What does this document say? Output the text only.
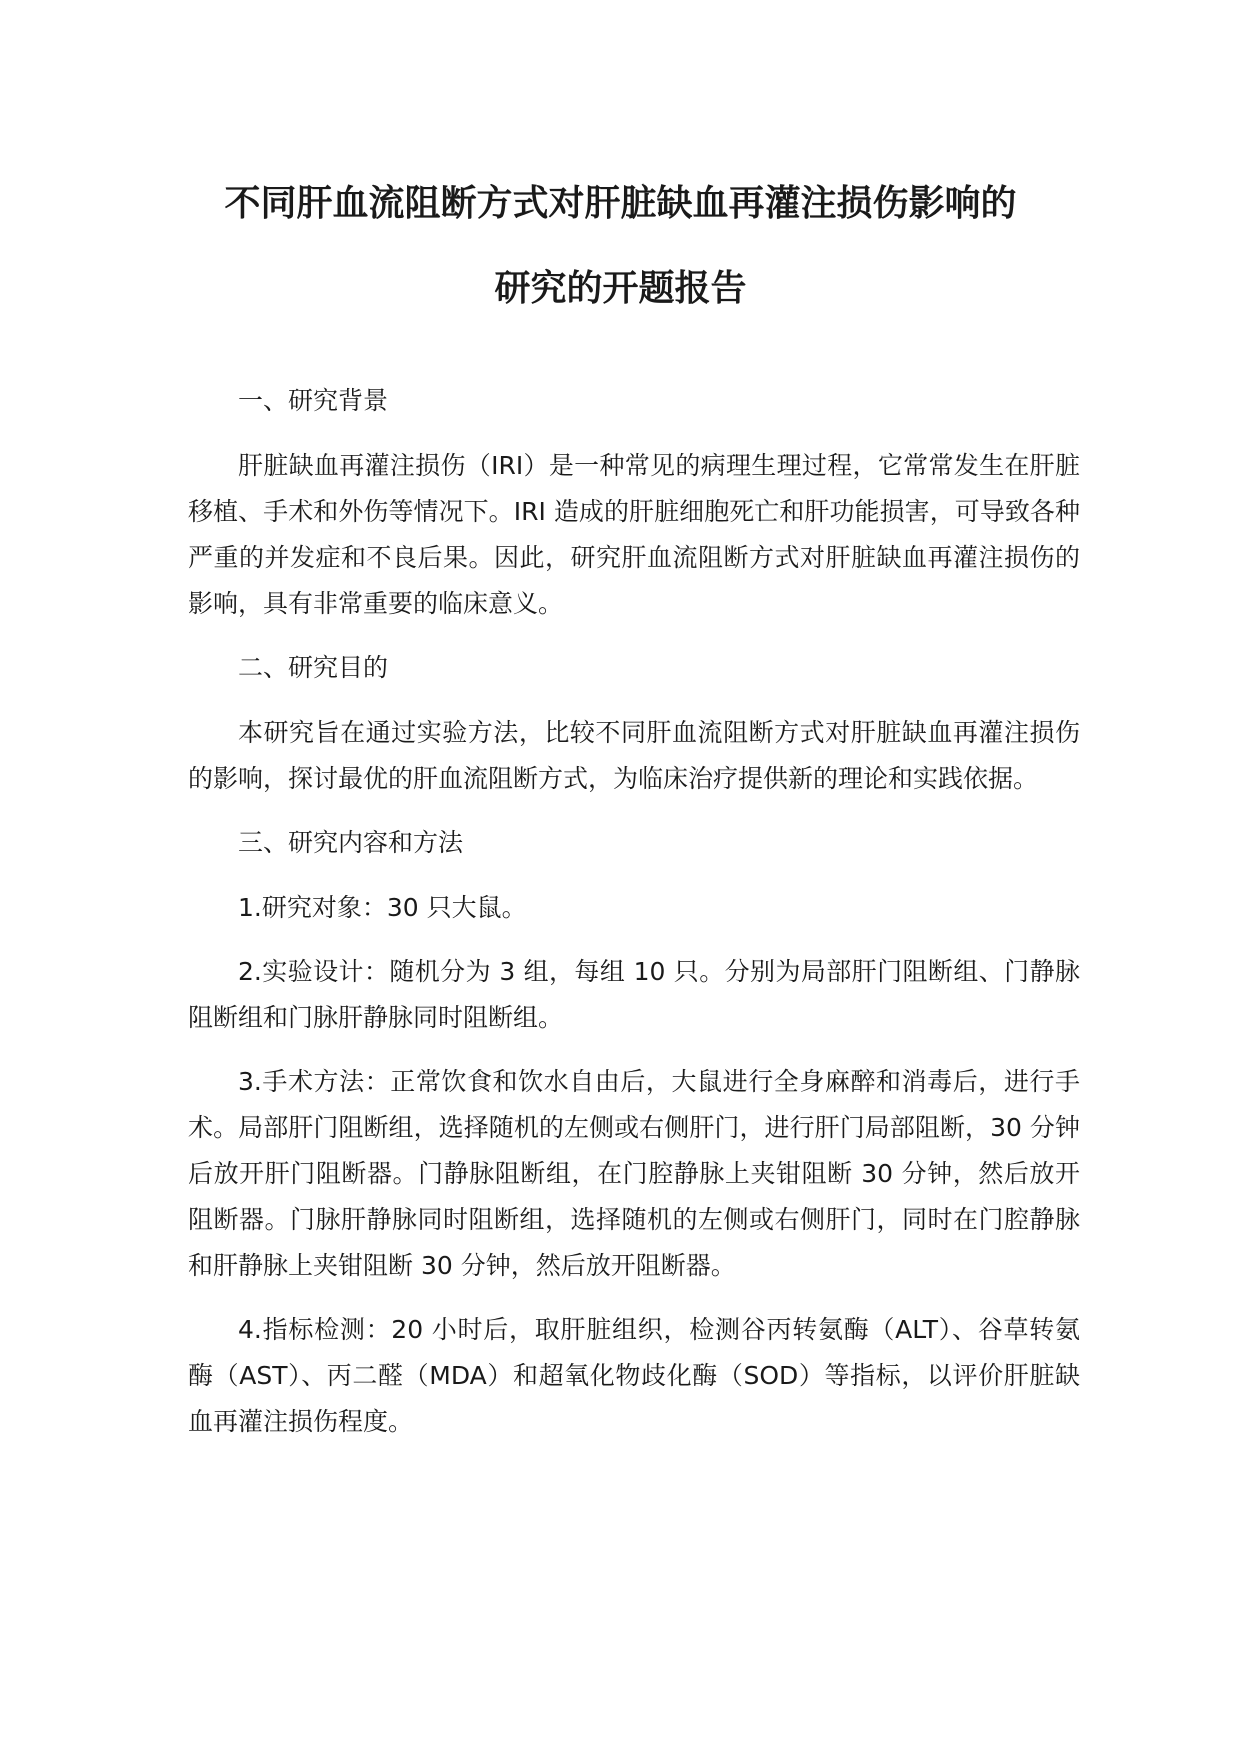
不同肝血流阻断方式对肝脏缺血再灌注损伤影响的
研究的开题报告

一、研究背景

肝脏缺血再灌注损伤（IRI）是一种常见的病理生理过程，它常常发生在肝脏移植、手术和外伤等情况下。IRI 造成的肝脏细胞死亡和肝功能损害，可导致各种严重的并发症和不良后果。因此，研究肝血流阻断方式对肝脏缺血再灌注损伤的影响，具有非常重要的临床意义。

二、研究目的

本研究旨在通过实验方法，比较不同肝血流阻断方式对肝脏缺血再灌注损伤的影响，探讨最优的肝血流阻断方式，为临床治疗提供新的理论和实践依据。

三、研究内容和方法

1.研究对象：30 只大鼠。

2.实验设计：随机分为 3 组，每组 10 只。分别为局部肝门阻断组、门静脉阻断组和门脉肝静脉同时阻断组。

3.手术方法：正常饮食和饮水自由后，大鼠进行全身麻醉和消毒后，进行手术。局部肝门阻断组，选择随机的左侧或右侧肝门，进行肝门局部阻断，30 分钟后放开肝门阻断器。门静脉阻断组，在门腔静脉上夹钳阻断 30 分钟，然后放开阻断器。门脉肝静脉同时阻断组，选择随机的左侧或右侧肝门，同时在门腔静脉和肝静脉上夹钳阻断 30 分钟，然后放开阻断器。

4.指标检测：20 小时后，取肝脏组织，检测谷丙转氨酶（ALT）、谷草转氨酶（AST）、丙二醛（MDA）和超氧化物歧化酶（SOD）等指标，以评价肝脏缺血再灌注损伤程度。
